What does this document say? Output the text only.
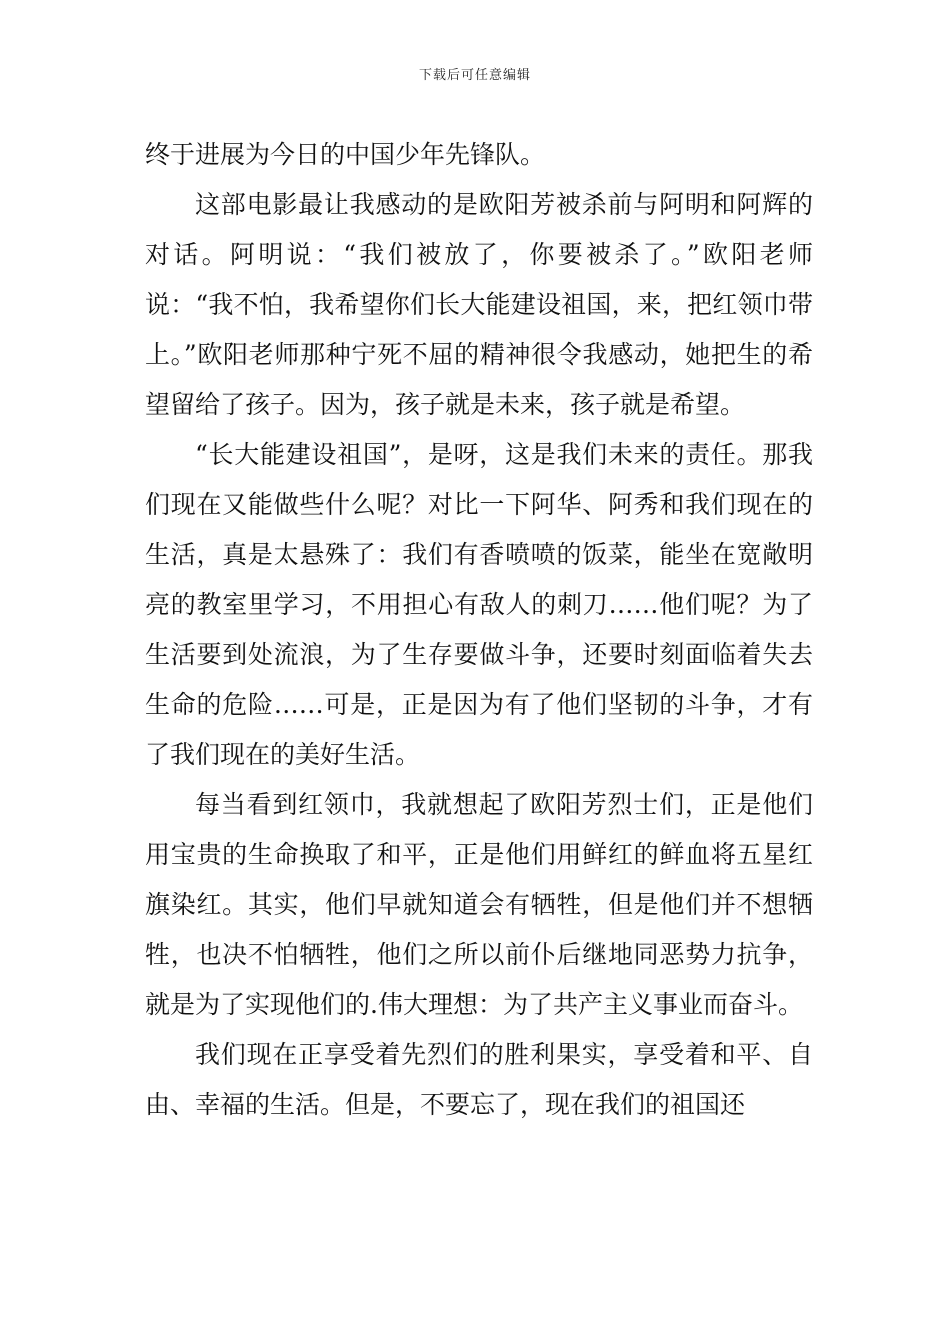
下载后可任意编辑

终于进展为今日的中国少年先锋队。

这部电影最让我感动的是欧阳芳被杀前与阿明和阿辉的对话。阿明说：“我们被放了，你要被杀了。”欧阳老师说：“我不怕，我希望你们长大能建设祖国，来，把红领巾带上。”欧阳老师那种宁死不屈的精神很令我感动，她把生的希望留给了孩子。因为，孩子就是未来，孩子就是希望。

“长大能建设祖国”，是呀，这是我们未来的责任。那我们现在又能做些什么呢？对比一下阿华、阿秀和我们现在的生活，真是太悬殊了：我们有香喷喷的饭菜，能坐在宽敞明亮的教室里学习，不用担心有敌人的刺刀……他们呢？为了生活要到处流浪，为了生存要做斗争，还要时刻面临着失去生命的危险……可是，正是因为有了他们坚韧的斗争，才有了我们现在的美好生活。

每当看到红领巾，我就想起了欧阳芳烈士们，正是他们用宝贵的生命换取了和平，正是他们用鲜红的鲜血将五星红旗染红。其实，他们早就知道会有牺牲，但是他们并不想牺牲，也决不怕牺牲，他们之所以前仆后继地同恶势力抗争，就是为了实现他们的.伟大理想：为了共产主义事业而奋斗。

我们现在正享受着先烈们的胜利果实，享受着和平、自由、幸福的生活。但是，不要忘了，现在我们的祖国还
